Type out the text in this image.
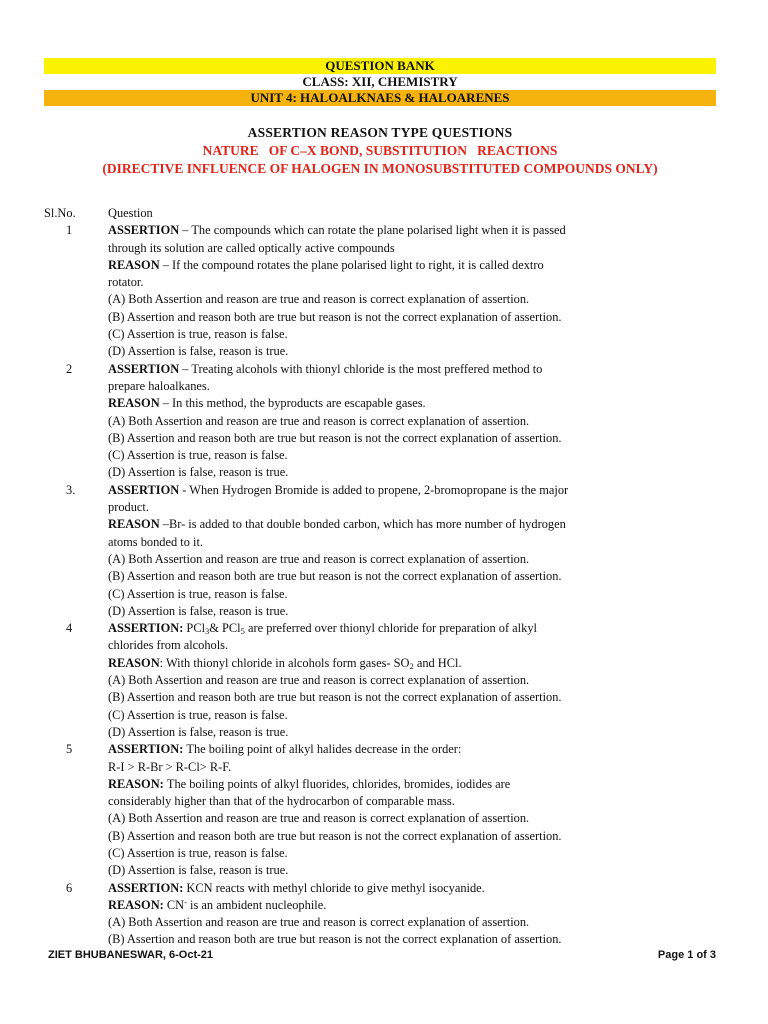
QUESTION BANK
CLASS: XII, CHEMISTRY
UNIT 4: HALOALKNAES & HALOARENES
ASSERTION REASON TYPE QUESTIONS
NATURE   OF C–X BOND, SUBSTITUTION   REACTIONS
(DIRECTIVE INFLUENCE OF HALOGEN IN MONOSUBSTITUTED COMPOUNDS ONLY)
Sl.No.	Question
1	ASSERTION – The compounds which can rotate the plane polarised light when it is passed
through its solution are called optically active compounds
REASON – If the compound rotates the plane polarised light to right, it is called dextro
rotator.
(A) Both Assertion and reason are true and reason is correct explanation of assertion.
(B) Assertion and reason both are true but reason is not the correct explanation of assertion.
(C) Assertion is true, reason is false.
(D) Assertion is false, reason is true.
2	ASSERTION – Treating alcohols with thionyl chloride is the most preffered method to
prepare haloalkanes.
REASON – In this method, the byproducts are escapable gases.
(A) Both Assertion and reason are true and reason is correct explanation of assertion.
(B) Assertion and reason both are true but reason is not the correct explanation of assertion.
(C) Assertion is true, reason is false.
(D) Assertion is false, reason is true.
3.	ASSERTION - When Hydrogen Bromide is added to propene, 2-bromopropane is the major
product.
REASON –Br- is added to that double bonded carbon, which has more number of hydrogen
atoms bonded to it.
(A) Both Assertion and reason are true and reason is correct explanation of assertion.
(B) Assertion and reason both are true but reason is not the correct explanation of assertion.
(C) Assertion is true, reason is false.
(D) Assertion is false, reason is true.
4	ASSERTION: PCl$_3$& PCl$_5$ are preferred over thionyl chloride for preparation of alkyl
chlorides from alcohols.
REASON: With thionyl chloride in alcohols form gases- $SO_2$ and HCl.
(A) Both Assertion and reason are true and reason is correct explanation of assertion.
(B) Assertion and reason both are true but reason is not the correct explanation of assertion.
(C) Assertion is true, reason is false.
(D) Assertion is false, reason is true.
5	ASSERTION: The boiling point of alkyl halides decrease in the order:
R-I > R-Br > R-Cl> R-F.
REASON: The boiling points of alkyl fluorides, chlorides, bromides, iodides are
considerably higher than that of the hydrocarbon of comparable mass.
(A) Both Assertion and reason are true and reason is correct explanation of assertion.
(B) Assertion and reason both are true but reason is not the correct explanation of assertion.
(C) Assertion is true, reason is false.
(D) Assertion is false, reason is true.
6	ASSERTION: KCN reacts with methyl chloride to give methyl isocyanide.
REASON: CN- is an ambident nucleophile.
(A) Both Assertion and reason are true and reason is correct explanation of assertion.
(B) Assertion and reason both are true but reason is not the correct explanation of assertion.
ZIET BHUBANESWAR, 6-Oct-21	Page 1 of 3
